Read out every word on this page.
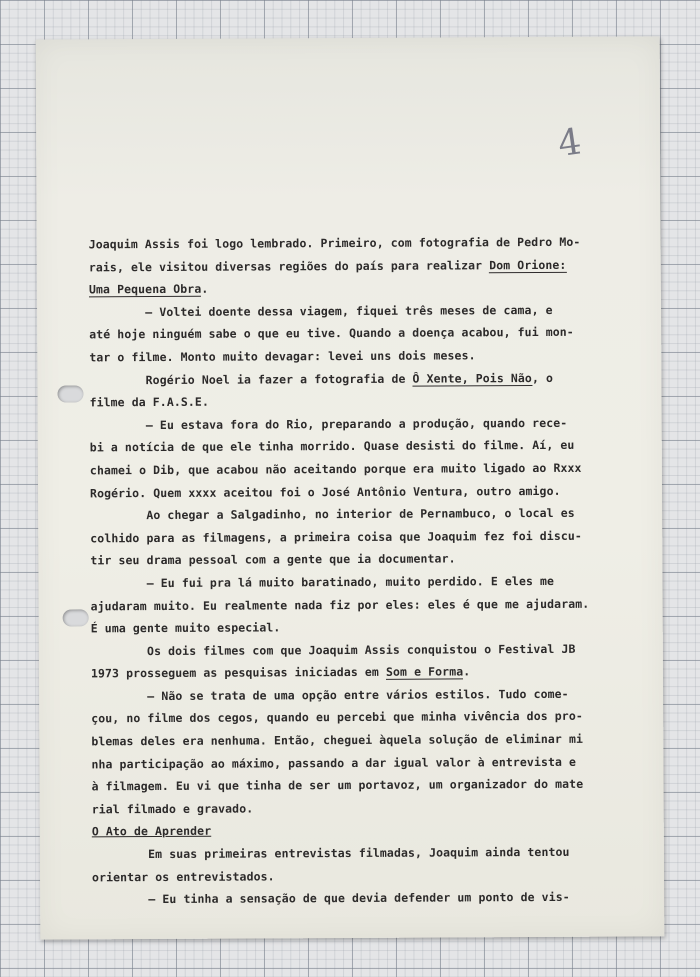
4
Joaquim Assis foi logo lembrado. Primeiro, com fotografia de Pedro Mo-
rais, ele visitou diversas regiões do país para realizar Dom Orione:
Uma Pequena Obra.
— Voltei doente dessa viagem, fiquei três meses de cama, e
até hoje ninguém sabe o que eu tive. Quando a doença acabou, fui mon-
tar o filme. Monto muito devagar: levei uns dois meses.
Rogério Noel ia fazer a fotografia de Ô Xente, Pois Não, o
filme da F.A.S.E.
— Eu estava fora do Rio, preparando a produção, quando rece-
bi a notícia de que ele tinha morrido. Quase desisti do filme. Aí, eu
chamei o Dib, que acabou não aceitando porque era muito ligado ao Rxxx
Rogério. Quem xxxx aceitou foi o José Antônio Ventura, outro amigo.
Ao chegar a Salgadinho, no interior de Pernambuco, o local es
colhido para as filmagens, a primeira coisa que Joaquim fez foi discu-
tir seu drama pessoal com a gente que ia documentar.
— Eu fui pra lá muito baratinado, muito perdido. E eles me
ajudaram muito. Eu realmente nada fiz por eles: eles é que me ajudaram.
É uma gente muito especial.
Os dois filmes com que Joaquim Assis conquistou o Festival JB
1973 prosseguem as pesquisas iniciadas em Som e Forma.
— Não se trata de uma opção entre vários estilos. Tudo come-
çou, no filme dos cegos, quando eu percebi que minha vivência dos pro-
blemas deles era nenhuma. Então, cheguei àquela solução de eliminar mi
nha participação ao máximo, passando a dar igual valor à entrevista e
à filmagem. Eu vi que tinha de ser um portavoz, um organizador do mate
rial filmado e gravado.
O Ato de Aprender
Em suas primeiras entrevistas filmadas, Joaquim ainda tentou
orientar os entrevistados.
— Eu tinha a sensação de que devia defender um ponto de vis-
